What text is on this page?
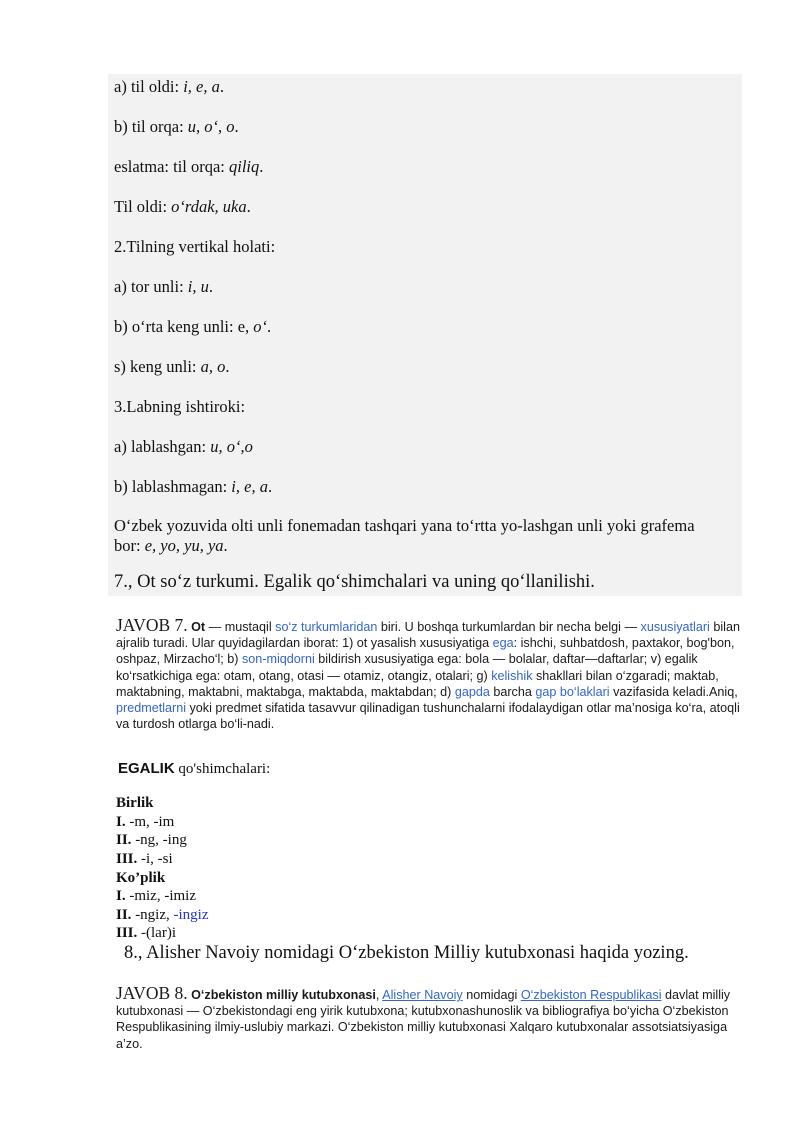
a) til oldi: i, e, a.
b) til orqa: u, o‘, o.
eslatma: til orqa: qiliq.
Til oldi: o‘rdak, uka.
2.Tilning vertikal holati:
a) tor unli: i, u.
b) o‘rta keng unli: e, o‘.
s) keng unli: a, o.
3.Labning ishtiroki:
a) lablashgan: u, o‘,o
b) lablashmagan: i, e, a.
O‘zbek yozuvida olti unli fonemadan tashqari yana to‘rtta yo-lashgan unli yoki grafema bor: e, yo, yu, ya.
7., Ot so‘z turkumi. Egalik qo‘shimchalari va uning qo‘llanilishi.
JAVOB 7. Ot — mustaqil so‘z turkumlaridan biri. U boshqa turkumlardan bir necha belgi — xususiyatlari bilan ajralib turadi. Ular quyidagilardan iborat: 1) ot yasalish xususiyatiga ega: ishchi, suhbatdosh, paxtakor, bog'bon, oshpaz, Mirzacho‘l; b) son-miqdorni bildirish xususiyatiga ega: bola — bolalar, daftar—daftarlar; v) egalik ko‘rsatkichiga ega: otam, otang, otasi — otamiz, otangiz, otalari; g) kelishik shakllari bilan o‘zgaradi; maktab, maktabning, maktabni, maktabga, maktabda, maktabdan; d) gapda barcha gap bo‘laklari vazifasida keladi.Aniq, predmetlarni yoki predmet sifatida tasavvur qilinadigan tushunchalarni ifodalaydigan otlar ma’nosiga ko‘ra, atoqli va turdosh otlarga bo‘li-nadi.
EGALIK qo'shimchalari:
Birlik
I. -m, -im
II. -ng, -ing
III. -i, -si
Ko’plik
I. -miz, -imiz
II. -ngiz, -ingiz
III. -(lar)i
8., Alisher Navoiy nomidagi O‘zbekiston Milliy kutubxonasi haqida yozing.
JAVOB 8. O‘zbekiston milliy kutubxonasi, Alisher Navoiy nomidagi O‘zbekiston Respublikasi davlat milliy kutubxonasi — O‘zbekistondagi eng yirik kutubxona; kutubxonashunoslik va bibliografiya bo‘yicha O‘zbekiston Respublikasining ilmiy-uslubiy markazi. O‘zbekiston milliy kutubxonasi Xalqaro kutubxonalar assotsiatsiyasiga a’zo.
